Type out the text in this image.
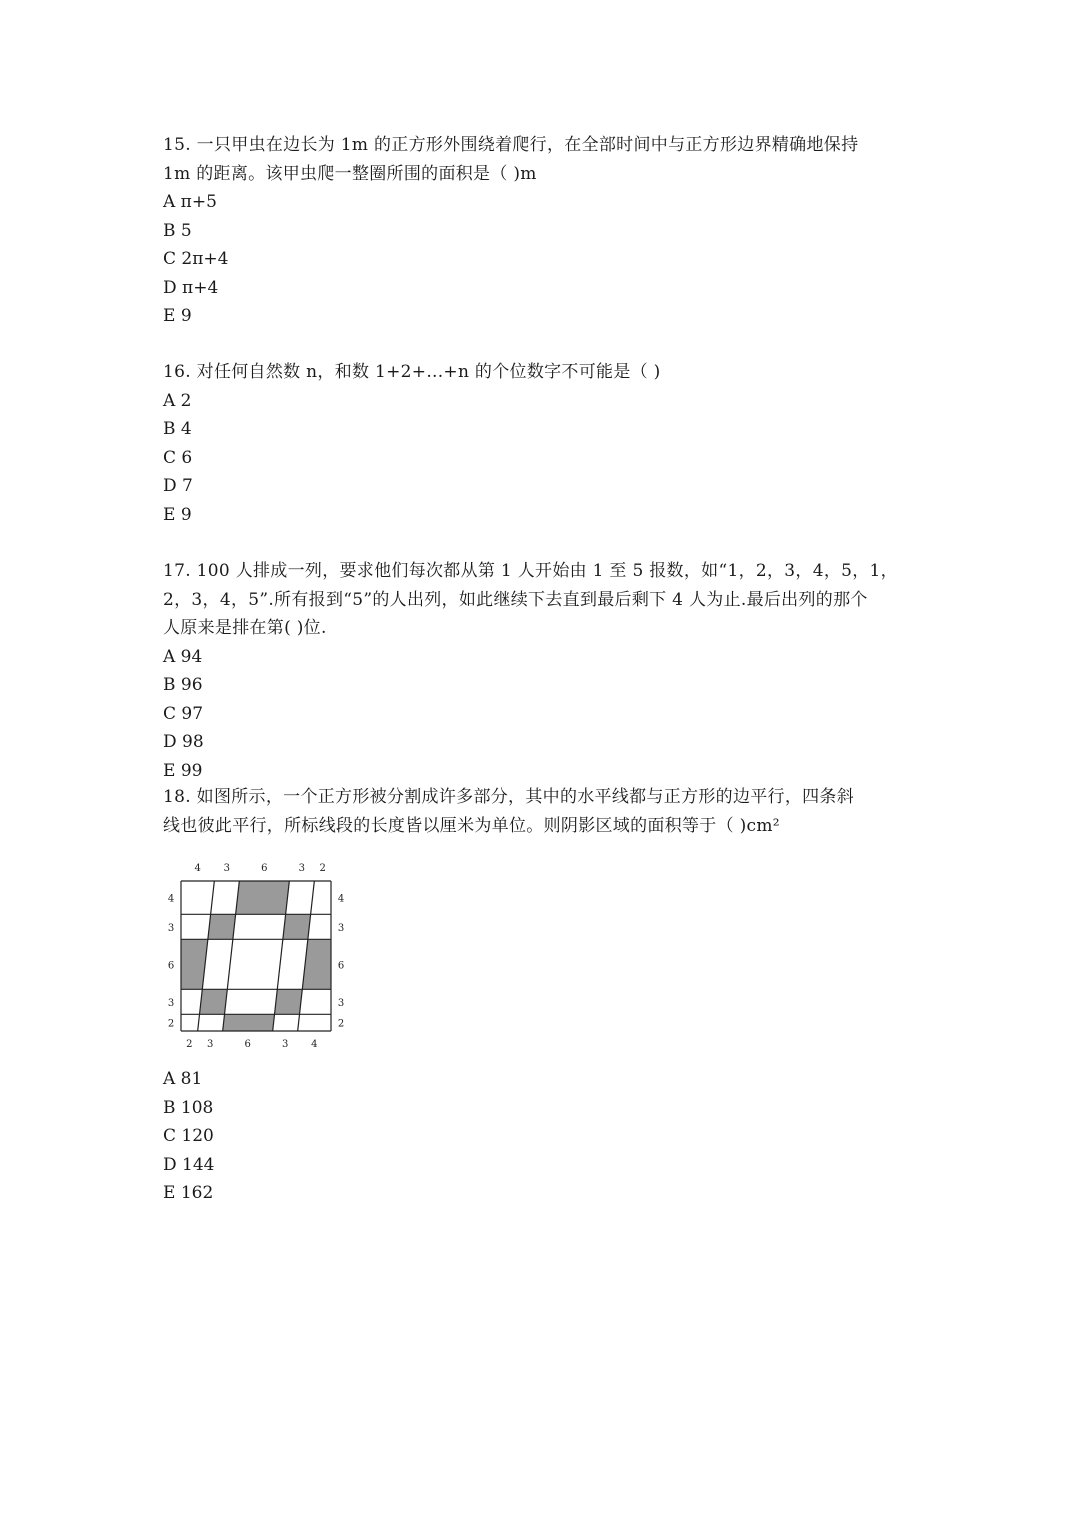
15. 一只甲虫在边长为 1m 的正方形外围绕着爬行，在全部时间中与正方形边界精确地保持

1m 的距离。该甲虫爬一整圈所围的面积是（ )m

A π+5

B 5

C 2π+4

D π+4

E 9

16. 对任何自然数 n，和数 1+2+...+n 的个位数字不可能是（ )

A 2

B 4

C 6

D 7

E 9

17. 100 人排成一列，要求他们每次都从第 1 人开始由 1 至 5 报数，如“1，2，3，4，5，1，

2，3，4，5”.所有报到“5”的人出列，如此继续下去直到最后剩下 4 人为止.最后出列的那个

人原来是排在第( )位.

A 94

B 96

C 97

D 98

E 99

18. 如图所示，一个正方形被分割成许多部分，其中的水平线都与正方形的边平行，四条斜

线也彼此平行，所标线段的长度皆以厘米为单位。则阴影区域的面积等于（ )cm²

4 3	6	3 2
2 3	6	3 4
4
3
6
3
2
4
3
6
3
2

A 81

B 108

C 120

D 144

E 162
